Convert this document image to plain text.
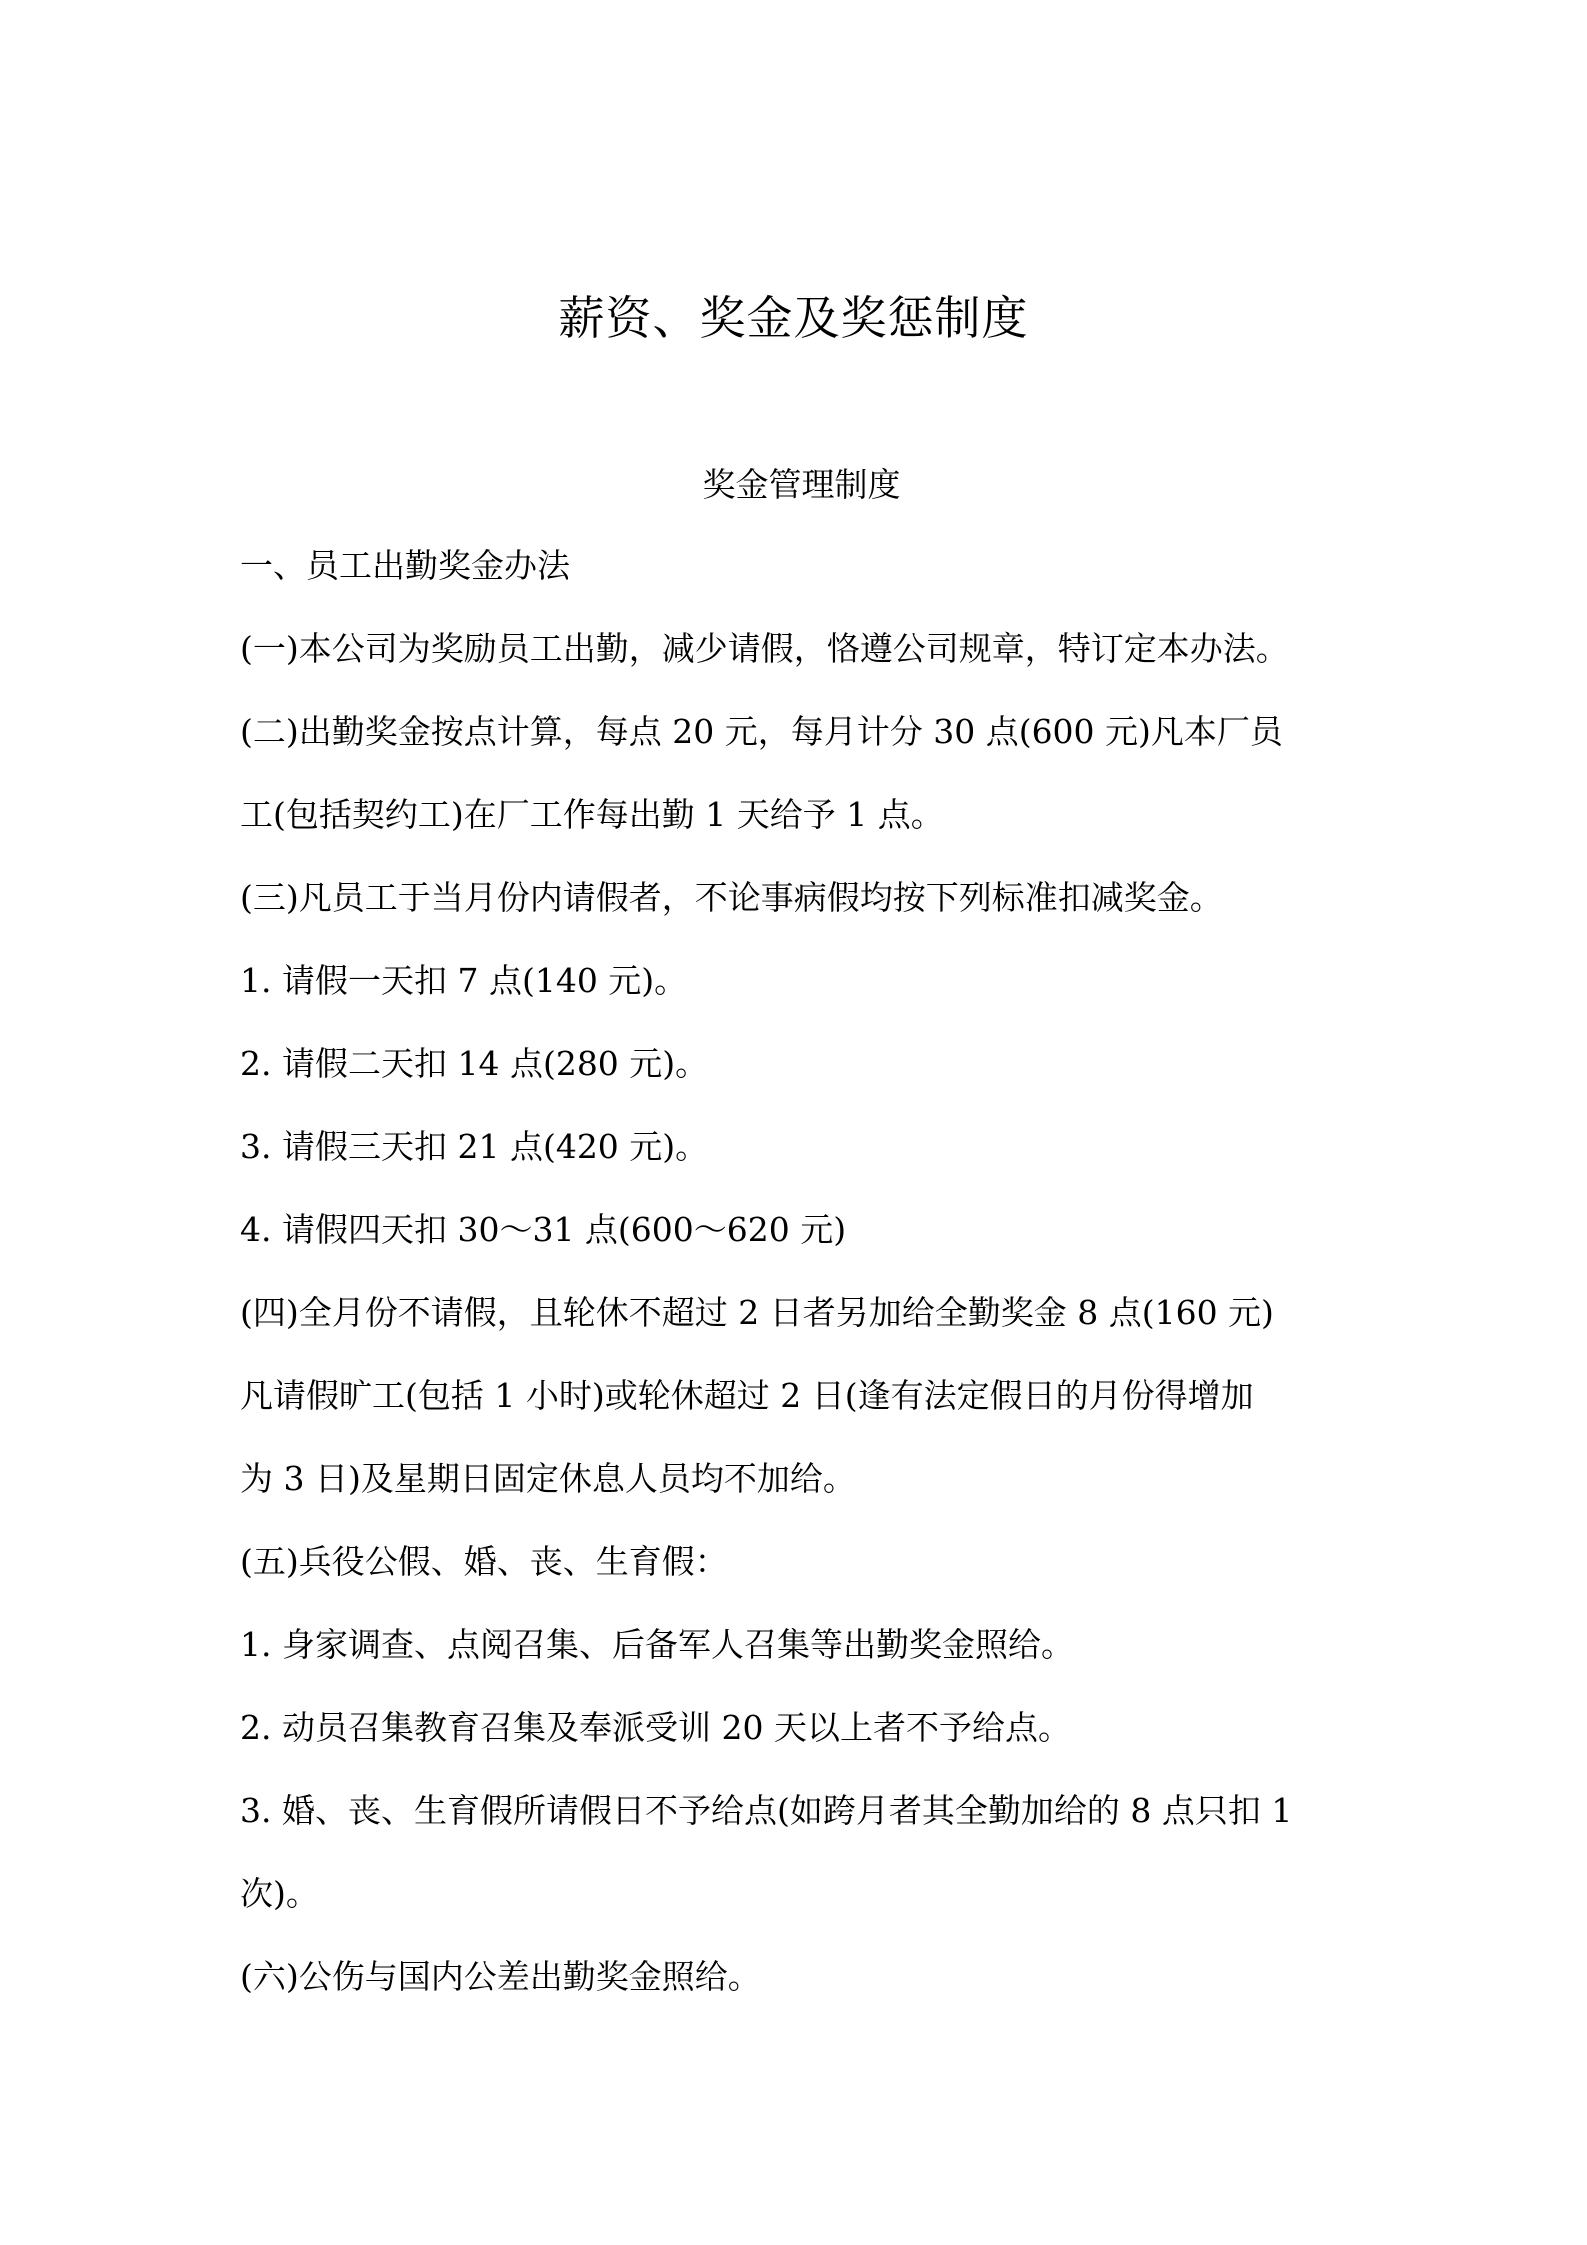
薪资、奖金及奖惩制度
奖金管理制度
一、员工出勤奖金办法
(一)本公司为奖励员工出勤，减少请假，恪遵公司规章，特订定本办法。
(二)出勤奖金按点计算，每点 20 元，每月计分 30 点(600 元)凡本厂员
工(包括契约工)在厂工作每出勤 1 天给予 1 点。
(三)凡员工于当月份内请假者，不论事病假均按下列标准扣减奖金。
1. 请假一天扣 7 点(140 元)。
2. 请假二天扣 14 点(280 元)。
3. 请假三天扣 21 点(420 元)。
4. 请假四天扣 30～31 点(600～620 元)
(四)全月份不请假，且轮休不超过 2 日者另加给全勤奖金 8 点(160 元)
凡请假旷工(包括 1 小时)或轮休超过 2 日(逢有法定假日的月份得增加
为 3 日)及星期日固定休息人员均不加给。
(五)兵役公假、婚、丧、生育假：
1. 身家调查、点阅召集、后备军人召集等出勤奖金照给。
2. 动员召集教育召集及奉派受训 20 天以上者不予给点。
3. 婚、丧、生育假所请假日不予给点(如跨月者其全勤加给的 8 点只扣 1
次)。
(六)公伤与国内公差出勤奖金照给。
